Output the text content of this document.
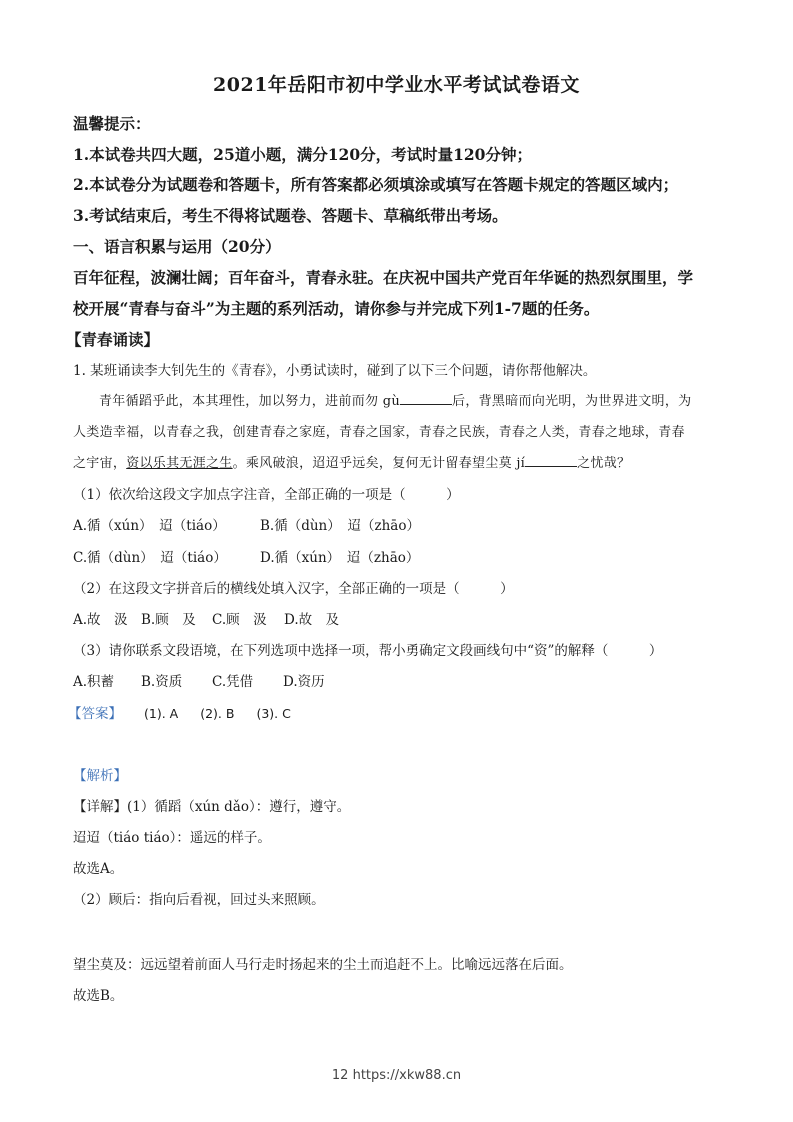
2021年岳阳市初中学业水平考试试卷语文
温馨提示：
1.本试卷共四大题，25道小题，满分120分，考试时量120分钟；
2.本试卷分为试题卷和答题卡，所有答案都必须填涂或填写在答题卡规定的答题区域内；
3.考试结束后，考生不得将试题卷、答题卡、草稿纸带出考场。
一、语言积累与运用（20分）
百年征程，波澜壮阔；百年奋斗，青春永驻。在庆祝中国共产党百年华诞的热烈氛围里，学
校开展“青春与奋斗”为主题的系列活动，请你参与并完成下列1-7题的任务。
【青春诵读】
1. 某班诵读李大钊先生的《青春》，小勇试读时，碰到了以下三个问题，请你帮他解决。
青年循蹈乎此，本其理性，加以努力，进前而勿 gù	后，背黑暗而向光明，为世界进文明，为
人类造幸福，以青春之我，创建青春之家庭，青春之国家，青春之民族，青春之人类，青春之地球，青春
之宇宙，资以乐其无涯之生。乘风破浪，迢迢乎远矣，复何无计留春望尘莫 jí	之忧哉？
（1）依次给这段文字加点字注音，全部正确的一项是（　　　）
A.循（xún）　迢（tiáo）	B.循（dùn）　迢（zhāo）
C.循（dùn）　迢（tiáo） D.循（xún）　迢（zhāo）
（2）在这段文字拼音后的横线处填入汉字，全部正确的一项是（　　　）
A.故　汲 B.顾　及 C.顾　汲 D.故　及
（3）请你联系文段语境，在下列选项中选择一项，帮小勇确定文段画线句中“资”的解释（　　　）
A.积蓄 B.资质 C.凭借 D.资历
【答案】 (1). A (2). B (3). C
【解析】
【详解】(1）循蹈（xún dǎo）：遵行，遵守。
迢迢（tiáo tiáo）：遥远的样子。
故选A。
（2）顾后：指向后看视，回过头来照顾。
望尘莫及：远远望着前面人马行走时扬起来的尘土而追赶不上。比喻远远落在后面。
故选B。
12 https://xkw88.cn
